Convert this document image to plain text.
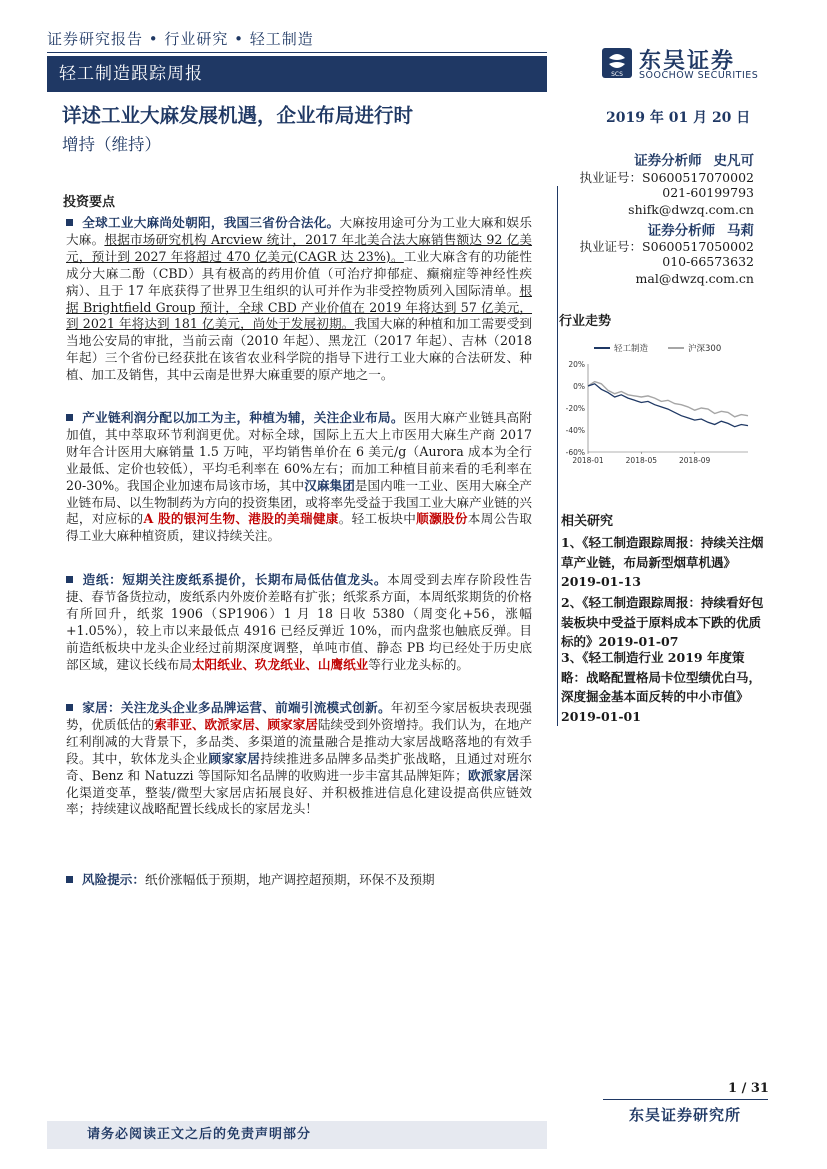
证券研究报告 • 行业研究 • 轻工制造
轻工制造跟踪周报	SCS
东吴证券
SOOCHOW SECURITIES
详述工业大麻发展机遇，企业布局进行时
增持（维持）
2019 年 01 月 20 日
证券分析师 史凡可
执业证号：S0600517070002
021-60199793
shifk@dwzq.com.cn
证券分析师 马莉
执业证号：S0600517050002
010-66573632
mal@dwzq.com.cn
投资要点
全球工业大麻尚处朝阳，我国三省份合法化。大麻按用途可分为工业大麻和娱乐大麻。根据市场研究机构 Arcview 统计，2017 年北美合法大麻销售额达 92 亿美元，预计到 2027 年将超过 470 亿美元(CAGR 达 23%)。工业大麻含有的功能性成分大麻二酚（CBD）具有极高的药用价值（可治疗抑郁症、癫痫症等神经性疾病）、且于 17 年底获得了世界卫生组织的认可并作为非受控物质列入国际清单。根据 Brightfield Group 预计，全球 CBD 产业价值在 2019 年将达到 57 亿美元，到 2021 年将达到 181 亿美元，尚处于发展初期。我国大麻的种植和加工需要受到当地公安局的审批，当前云南（2010 年起）、黑龙江（2017 年起）、吉林（2018 年起）三个省份已经获批在该省农业科学院的指导下进行工业大麻的合法研发、种植、加工及销售，其中云南是世界大麻重要的原产地之一。
产业链利润分配以加工为主，种植为辅，关注企业布局。医用大麻产业链具高附加值，其中萃取环节利润更优。对标全球，国际上五大上市医用大麻生产商 2017 财年合计医用大麻销量 1.5 万吨，平均销售单价在 6 美元/g（Aurora 成本为全行业最低、定价也较低），平均毛利率在 60%左右；而加工种植目前来看的毛利率在 20-30%。我国企业加速布局该市场，其中汉麻集团是国内唯一工业、医用大麻全产业链布局、以生物制药为方向的投资集团，或将率先受益于我国工业大麻产业链的兴起，对应标的A 股的银河生物、港股的美瑞健康。轻工板块中顺灏股份本周公告取得工业大麻种植资质，建议持续关注。
造纸：短期关注废纸系提价，长期布局低估值龙头。本周受到去库存阶段性告捷、春节备货拉动，废纸系内外废价差略有扩张；纸浆系方面，本周纸浆期货的价格有所回升，纸浆 1906（SP1906）1 月 18 日收 5380（周变化+56，涨幅+1.05%），较上市以来最低点 4916 已经反弹近 10%，而内盘浆也触底反弹。目前造纸板块中龙头企业经过前期深度调整，单吨市值、静态 PB 均已经处于历史底部区域，建议长线布局太阳纸业、玖龙纸业、山鹰纸业等行业龙头标的。
家居：关注龙头企业多品牌运营、前端引流模式创新。年初至今家居板块表现强势，优质低估的索菲亚、欧派家居、顾家家居陆续受到外资增持。我们认为，在地产红利削减的大背景下，多品类、多渠道的流量融合是推动大家居战略落地的有效手段。其中，软体龙头企业顾家家居持续推进多品牌多品类扩张战略，且通过对班尔奇、Benz 和 Natuzzi 等国际知名品牌的收购进一步丰富其品牌矩阵；欧派家居深化渠道变革，整装/微型大家居店拓展良好、并积极推进信息化建设提高供应链效率；持续建议战略配置长线成长的家居龙头！
风险提示：纸价涨幅低于预期，地产调控超预期，环保不及预期
行业走势
20%
0%
-20%
-40%
-60%
2018-01	2018-05	2018-09
轻工制造	沪深300
相关研究
1、《轻工制造跟踪周报：持续关注烟草产业链，布局新型烟草机遇》2019-01-13
2、《轻工制造跟踪周报：持续看好包装板块中受益于原料成本下跌的优质标的》2019-01-07
3、《轻工制造行业 2019 年度策略：战略配置格局卡位型绩优白马，深度掘金基本面反转的中小市值》2019-01-01
1 / 31
东吴证券研究所
请务必阅读正文之后的免责声明部分
